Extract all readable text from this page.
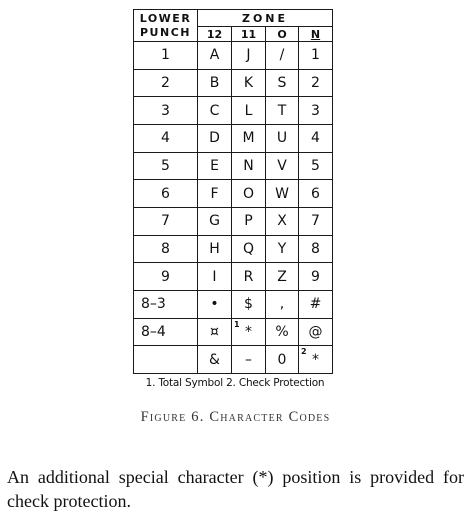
LOWER
PUNCH	ZONE			
	12	11	O	N
1	A	J	/	1
2	B	K	S	2
3	C	L	T	3
4	D	M	U	4
5	E	N	V	5
6	F	O	W	6
7	G	P	X	7
8	H	Q	Y	8
9	I	R	Z	9
8–3	•	$	,	#
8–4	¤	1 *	%	@
	&	–	0	2 *
1. Total Symbol 2. Check Protection
Figure 6. Character Codes
An additional special character (*) position is provided for check protection.
